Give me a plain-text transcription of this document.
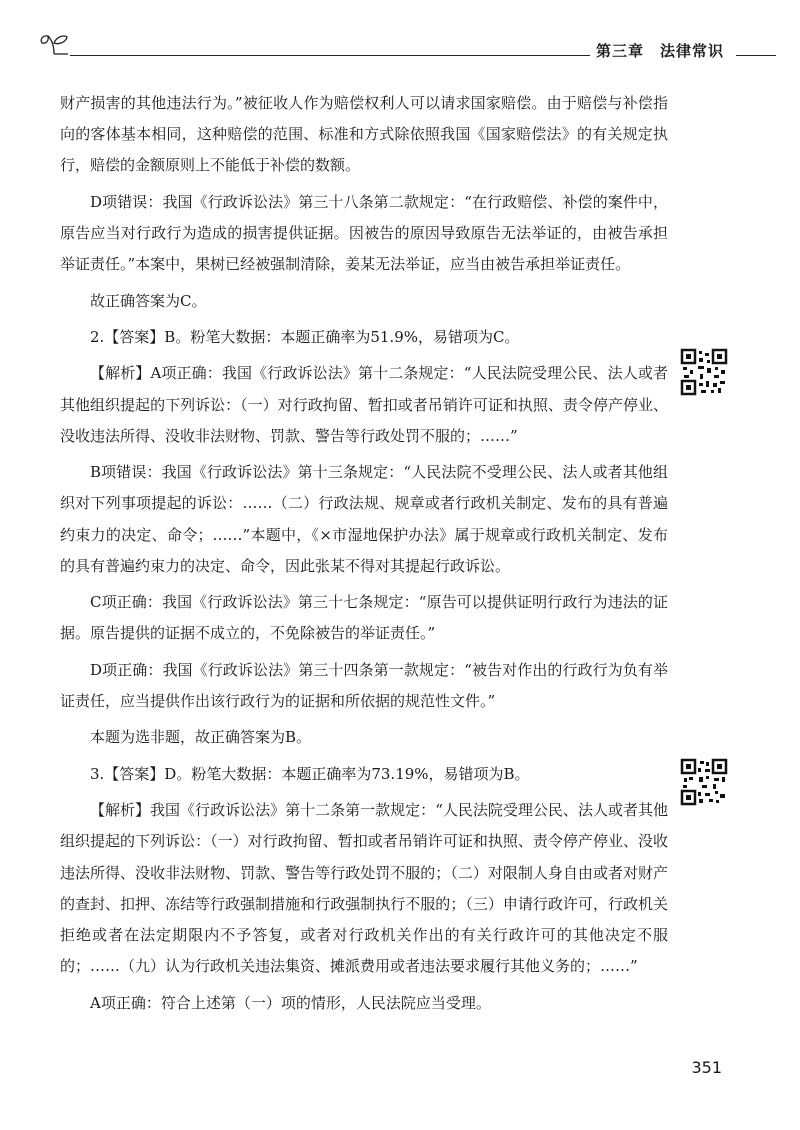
第三章 法律常识

财产损害的其他违法行为。”被征收人作为赔偿权利人可以请求国家赔偿。由于赔偿与补偿指向的客体基本相同，这种赔偿的范围、标准和方式除依照我国《国家赔偿法》的有关规定执行，赔偿的金额原则上不能低于补偿的数额。

D项错误：我国《行政诉讼法》第三十八条第二款规定：“在行政赔偿、补偿的案件中，原告应当对行政行为造成的损害提供证据。因被告的原因导致原告无法举证的，由被告承担举证责任。”本案中，果树已经被强制清除，姜某无法举证，应当由被告承担举证责任。

故正确答案为C。

2.【答案】B。粉笔大数据：本题正确率为51.9%，易错项为C。

【解析】A项正确：我国《行政诉讼法》第十二条规定：“人民法院受理公民、法人或者其他组织提起的下列诉讼：（一）对行政拘留、暂扣或者吊销许可证和执照、责令停产停业、没收违法所得、没收非法财物、罚款、警告等行政处罚不服的；……”

B项错误：我国《行政诉讼法》第十三条规定：“人民法院不受理公民、法人或者其他组织对下列事项提起的诉讼：……（二）行政法规、规章或者行政机关制定、发布的具有普遍约束力的决定、命令；……”本题中，《×市湿地保护办法》属于规章或行政机关制定、发布的具有普遍约束力的决定、命令，因此张某不得对其提起行政诉讼。

C项正确：我国《行政诉讼法》第三十七条规定：“原告可以提供证明行政行为违法的证据。原告提供的证据不成立的，不免除被告的举证责任。”

D项正确：我国《行政诉讼法》第三十四条第一款规定：“被告对作出的行政行为负有举证责任，应当提供作出该行政行为的证据和所依据的规范性文件。”

本题为选非题，故正确答案为B。

3.【答案】D。粉笔大数据：本题正确率为73.19%，易错项为B。

【解析】我国《行政诉讼法》第十二条第一款规定：“人民法院受理公民、法人或者其他组织提起的下列诉讼：（一）对行政拘留、暂扣或者吊销许可证和执照、责令停产停业、没收违法所得、没收非法财物、罚款、警告等行政处罚不服的；（二）对限制人身自由或者对财产的查封、扣押、冻结等行政强制措施和行政强制执行不服的；（三）申请行政许可，行政机关拒绝或者在法定期限内不予答复，或者对行政机关作出的有关行政许可的其他决定不服的；……（九）认为行政机关违法集资、摊派费用或者违法要求履行其他义务的；……”

A项正确：符合上述第（一）项的情形，人民法院应当受理。

351
